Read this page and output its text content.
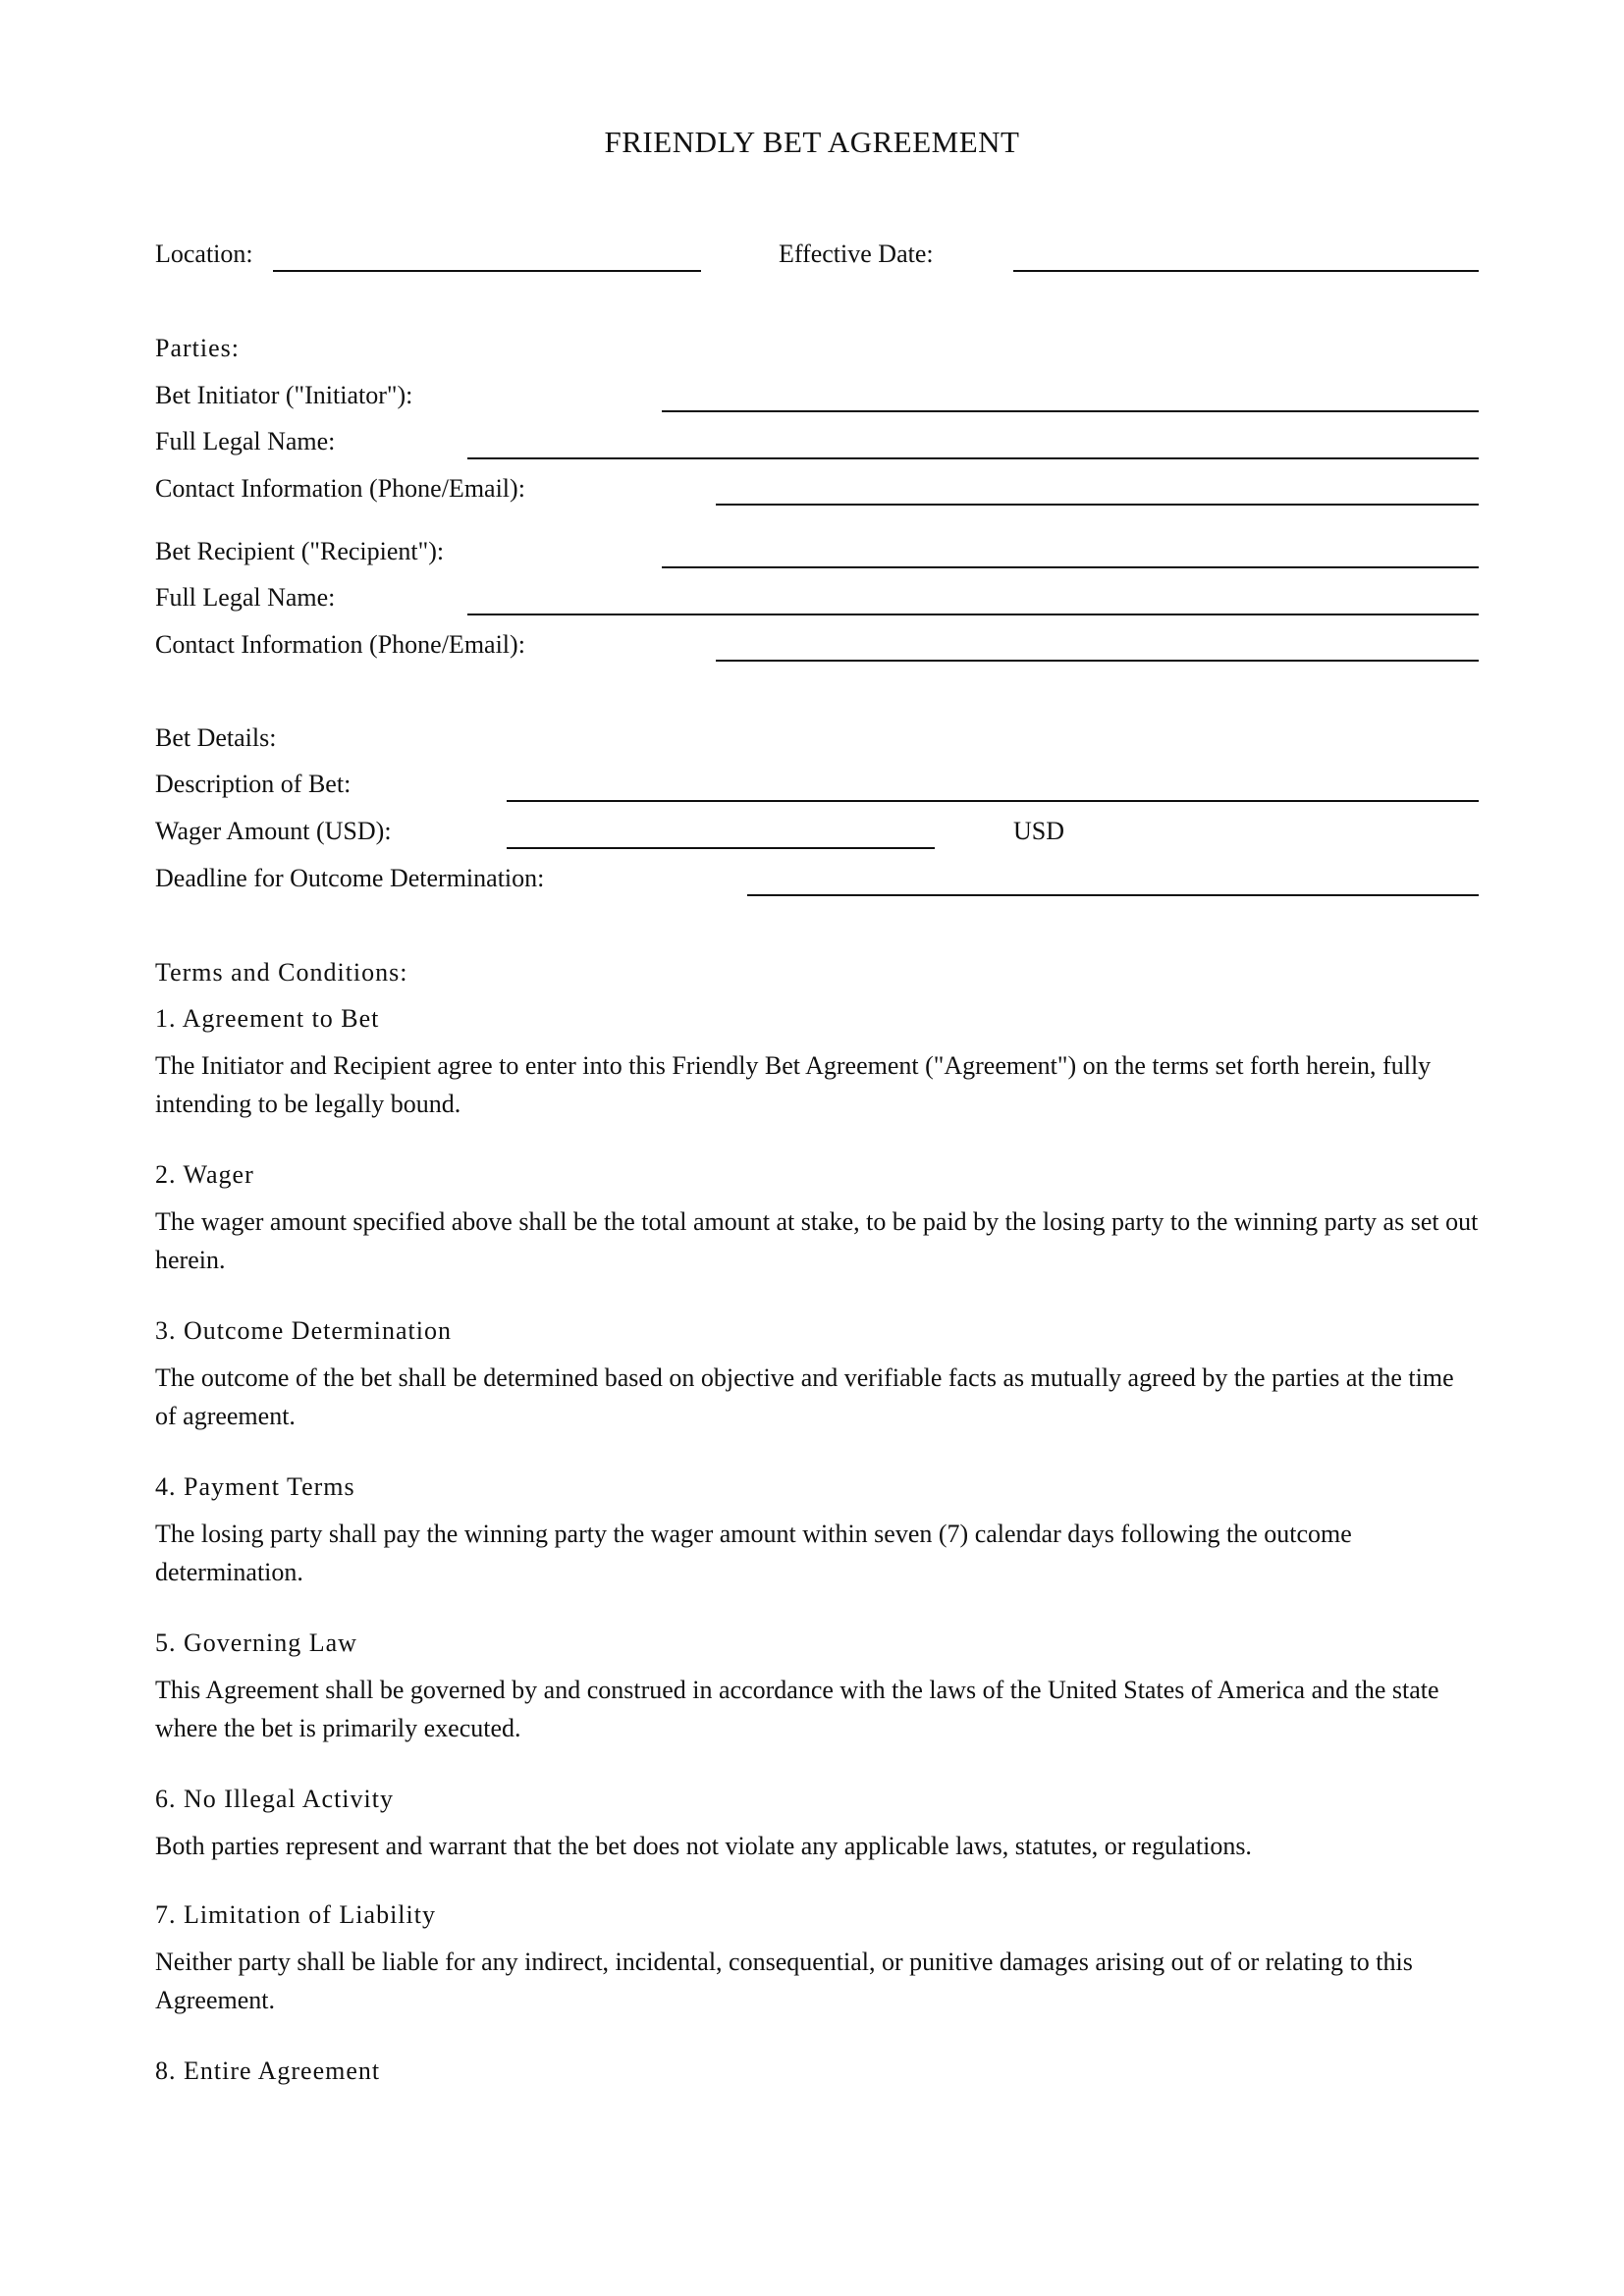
FRIENDLY BET AGREEMENT
Location:	Effective Date:
Parties:
Bet Initiator ("Initiator"):
Full Legal Name:
Contact Information (Phone/Email):
Bet Recipient ("Recipient"):
Full Legal Name:
Contact Information (Phone/Email):
Bet Details:
Description of Bet:
Wager Amount (USD):	USD
Deadline for Outcome Determination:
Terms and Conditions:
1. Agreement to Bet
The Initiator and Recipient agree to enter into this Friendly Bet Agreement ("Agreement") on the terms set forth herein, fully intending to be legally bound.
2. Wager
The wager amount specified above shall be the total amount at stake, to be paid by the losing party to the winning party as set out herein.
3. Outcome Determination
The outcome of the bet shall be determined based on objective and verifiable facts as mutually agreed by the parties at the time of agreement.
4. Payment Terms
The losing party shall pay the winning party the wager amount within seven (7) calendar days following the outcome determination.
5. Governing Law
This Agreement shall be governed by and construed in accordance with the laws of the United States of America and the state where the bet is primarily executed.
6. No Illegal Activity
Both parties represent and warrant that the bet does not violate any applicable laws, statutes, or regulations.
7. Limitation of Liability
Neither party shall be liable for any indirect, incidental, consequential, or punitive damages arising out of or relating to this Agreement.
8. Entire Agreement
